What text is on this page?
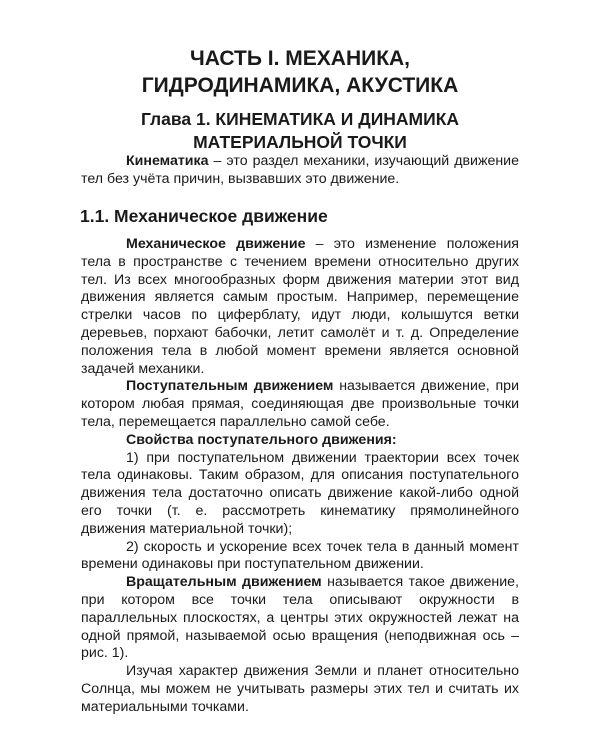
ЧАСТЬ I. МЕХАНИКА,
ГИДРОДИНАМИКА, АКУСТИКА
Глава 1. КИНЕМАТИКА И ДИНАМИКА
МАТЕРИАЛЬНОЙ ТОЧКИ

Кинематика – это раздел механики, изучающий движение тел без учёта причин, вызвавших это движение.

1.1. Механическое движение

Механическое движение – это изменение положения тела в пространстве с течением времени относительно других тел. Из всех многообразных форм движения материи этот вид движения является самым простым. Например, перемещение стрелки часов по циферблату, идут люди, колышутся ветки деревьев, порхают бабочки, летит самолёт и т. д. Определение положения тела в любой момент времени является основной задачей механики.

Поступательным движением называется движение, при котором любая прямая, соединяющая две произвольные точки тела, перемещается параллельно самой себе.

Свойства поступательного движения:

1) при поступательном движении траектории всех точек тела одинаковы. Таким образом, для описания поступательного движения тела достаточно описать движение какой-либо одной его точки (т. е. рассмотреть кинематику прямолинейного движения материальной точки);

2) скорость и ускорение всех точек тела в данный момент времени одинаковы при поступательном движении.

Вращательным движением называется такое движение, при котором все точки тела описывают окружности в параллельных плоскостях, а центры этих окружностей лежат на одной прямой, называемой осью вращения (неподвижная ось – рис. 1).

Изучая характер движения Земли и планет относительно Солнца, мы можем не учитывать размеры этих тел и считать их материальными точками.
